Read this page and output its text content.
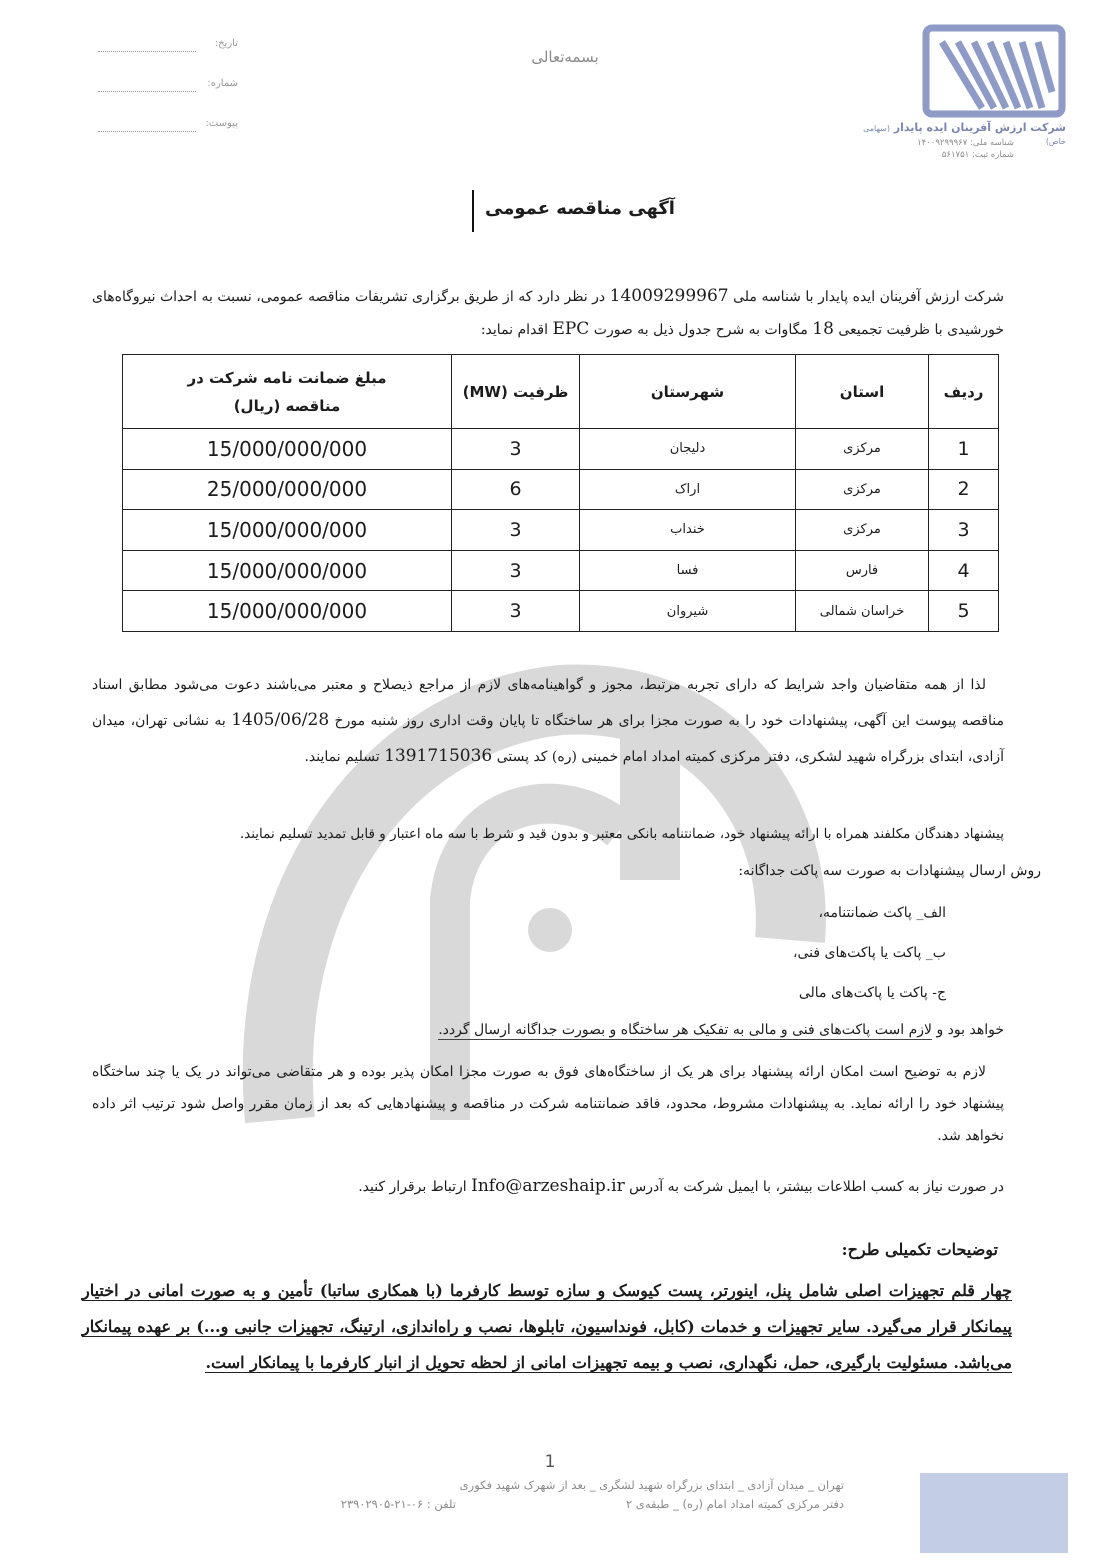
شرکت ارزش آفرینان ایده پایدار (سهامی خاص)
شناسه ملی: ۱۴۰۰۹۲۹۹۹۶۷
شماره ثبت: ۵۶۱۷۵۱
بسمه‌تعالی
تاریخ:
شماره:
پیوست:
آگهی مناقصه عمومی
شرکت ارزش آفرینان ایده پایدار با شناسه ملی 14009299967 در نظر دارد که از طریق برگزاری تشریفات مناقصه عمومی، نسبت به احداث نیروگاه‌های خورشیدی با ظرفیت تجمیعی 18 مگاوات به شرح جدول ذیل به صورت EPC اقدام نماید:
ردیف	استان	شهرستان	ظرفیت (MW)	مبلغ ضمانت نامه شرکت در مناقصه (ریال)
1	مرکزی	دلیجان	3	15/000/000/000
2	مرکزی	اراک	6	25/000/000/000
3	مرکزی	خنداب	3	15/000/000/000
4	فارس	فسا	3	15/000/000/000
5	خراسان شمالی	شیروان	3	15/000/000/000
لذا از همه متقاضیان واجد شرایط که دارای تجربه مرتبط، مجوز و گواهینامه‌های لازم از مراجع ذیصلاح و معتبر می‌باشند دعوت می‌شود مطابق اسناد مناقصه پیوست این آگهی، پیشنهادات خود را به صورت مجزا برای هر ساختگاه تا پایان وقت اداری روز شنبه مورخ 1405/06/28 به نشانی تهران، میدان آزادی، ابتدای بزرگراه شهید لشکری، دفتر مرکزی کمیته امداد امام خمینی (ره) کد پستی 1391715036 تسلیم نمایند.
پیشنهاد دهندگان مکلفند همراه با ارائه پیشنهاد خود، ضمانتنامه بانکی معتبر و بدون قید و شرط با سه ماه اعتبار و قابل تمدید تسلیم نمایند.
روش ارسال پیشنهادات به صورت سه پاکت جداگانه:
الف_ پاکت ضمانتنامه،
ب_ پاکت یا پاکت‌های فنی،
ج- پاکت یا پاکت‌های مالی
خواهد بود و لازم است پاکت‌های فنی و مالی به تفکیک هر ساختگاه و بصورت جداگانه ارسال گردد.
لازم به توضیح است امکان ارائه پیشنهاد برای هر یک از ساختگاه‌های فوق به صورت مجزا امکان پذیر بوده و هر متقاضی می‌تواند در یک یا چند ساختگاه پیشنهاد خود را ارائه نماید. به پیشنهادات مشروط، محدود، فاقد ضمانتنامه شرکت در مناقصه و پیشنهادهایی که بعد از زمان مقرر واصل شود ترتیب اثر داده نخواهد شد.
در صورت نیاز به کسب اطلاعات بیشتر، با ایمیل شرکت به آدرس Info@arzeshaip.ir ارتباط برقرار کنید.
توضیحات تکمیلی طرح:
چهار قلم تجهیزات اصلی شامل پنل، اینورتر، پست کیوسک و سازه توسط کارفرما (با همکاری ساتبا) تأمین و به صورت امانی در اختیار پیمانکار قرار می‌گیرد. سایر تجهیزات و خدمات (کابل، فونداسیون، تابلوها، نصب و راه‌اندازی، ارتینگ، تجهیزات جانبی و...) بر عهده پیمانکار می‌باشد. مسئولیت بارگیری، حمل، نگهداری، نصب و بیمه تجهیزات امانی از لحظه تحویل از انبار کارفرما با پیمانکار است.
1
تهران _ میدان آزادی _ ابتدای بزرگراه شهید لشگری _ بعد از شهرک شهید فکوری
دفتر مرکزی کمیته امداد امام (ره) _ طبقه‌ی ۲
تلفن : ۰۶-۲۱-۲۳۹۰۲۹۰۵
